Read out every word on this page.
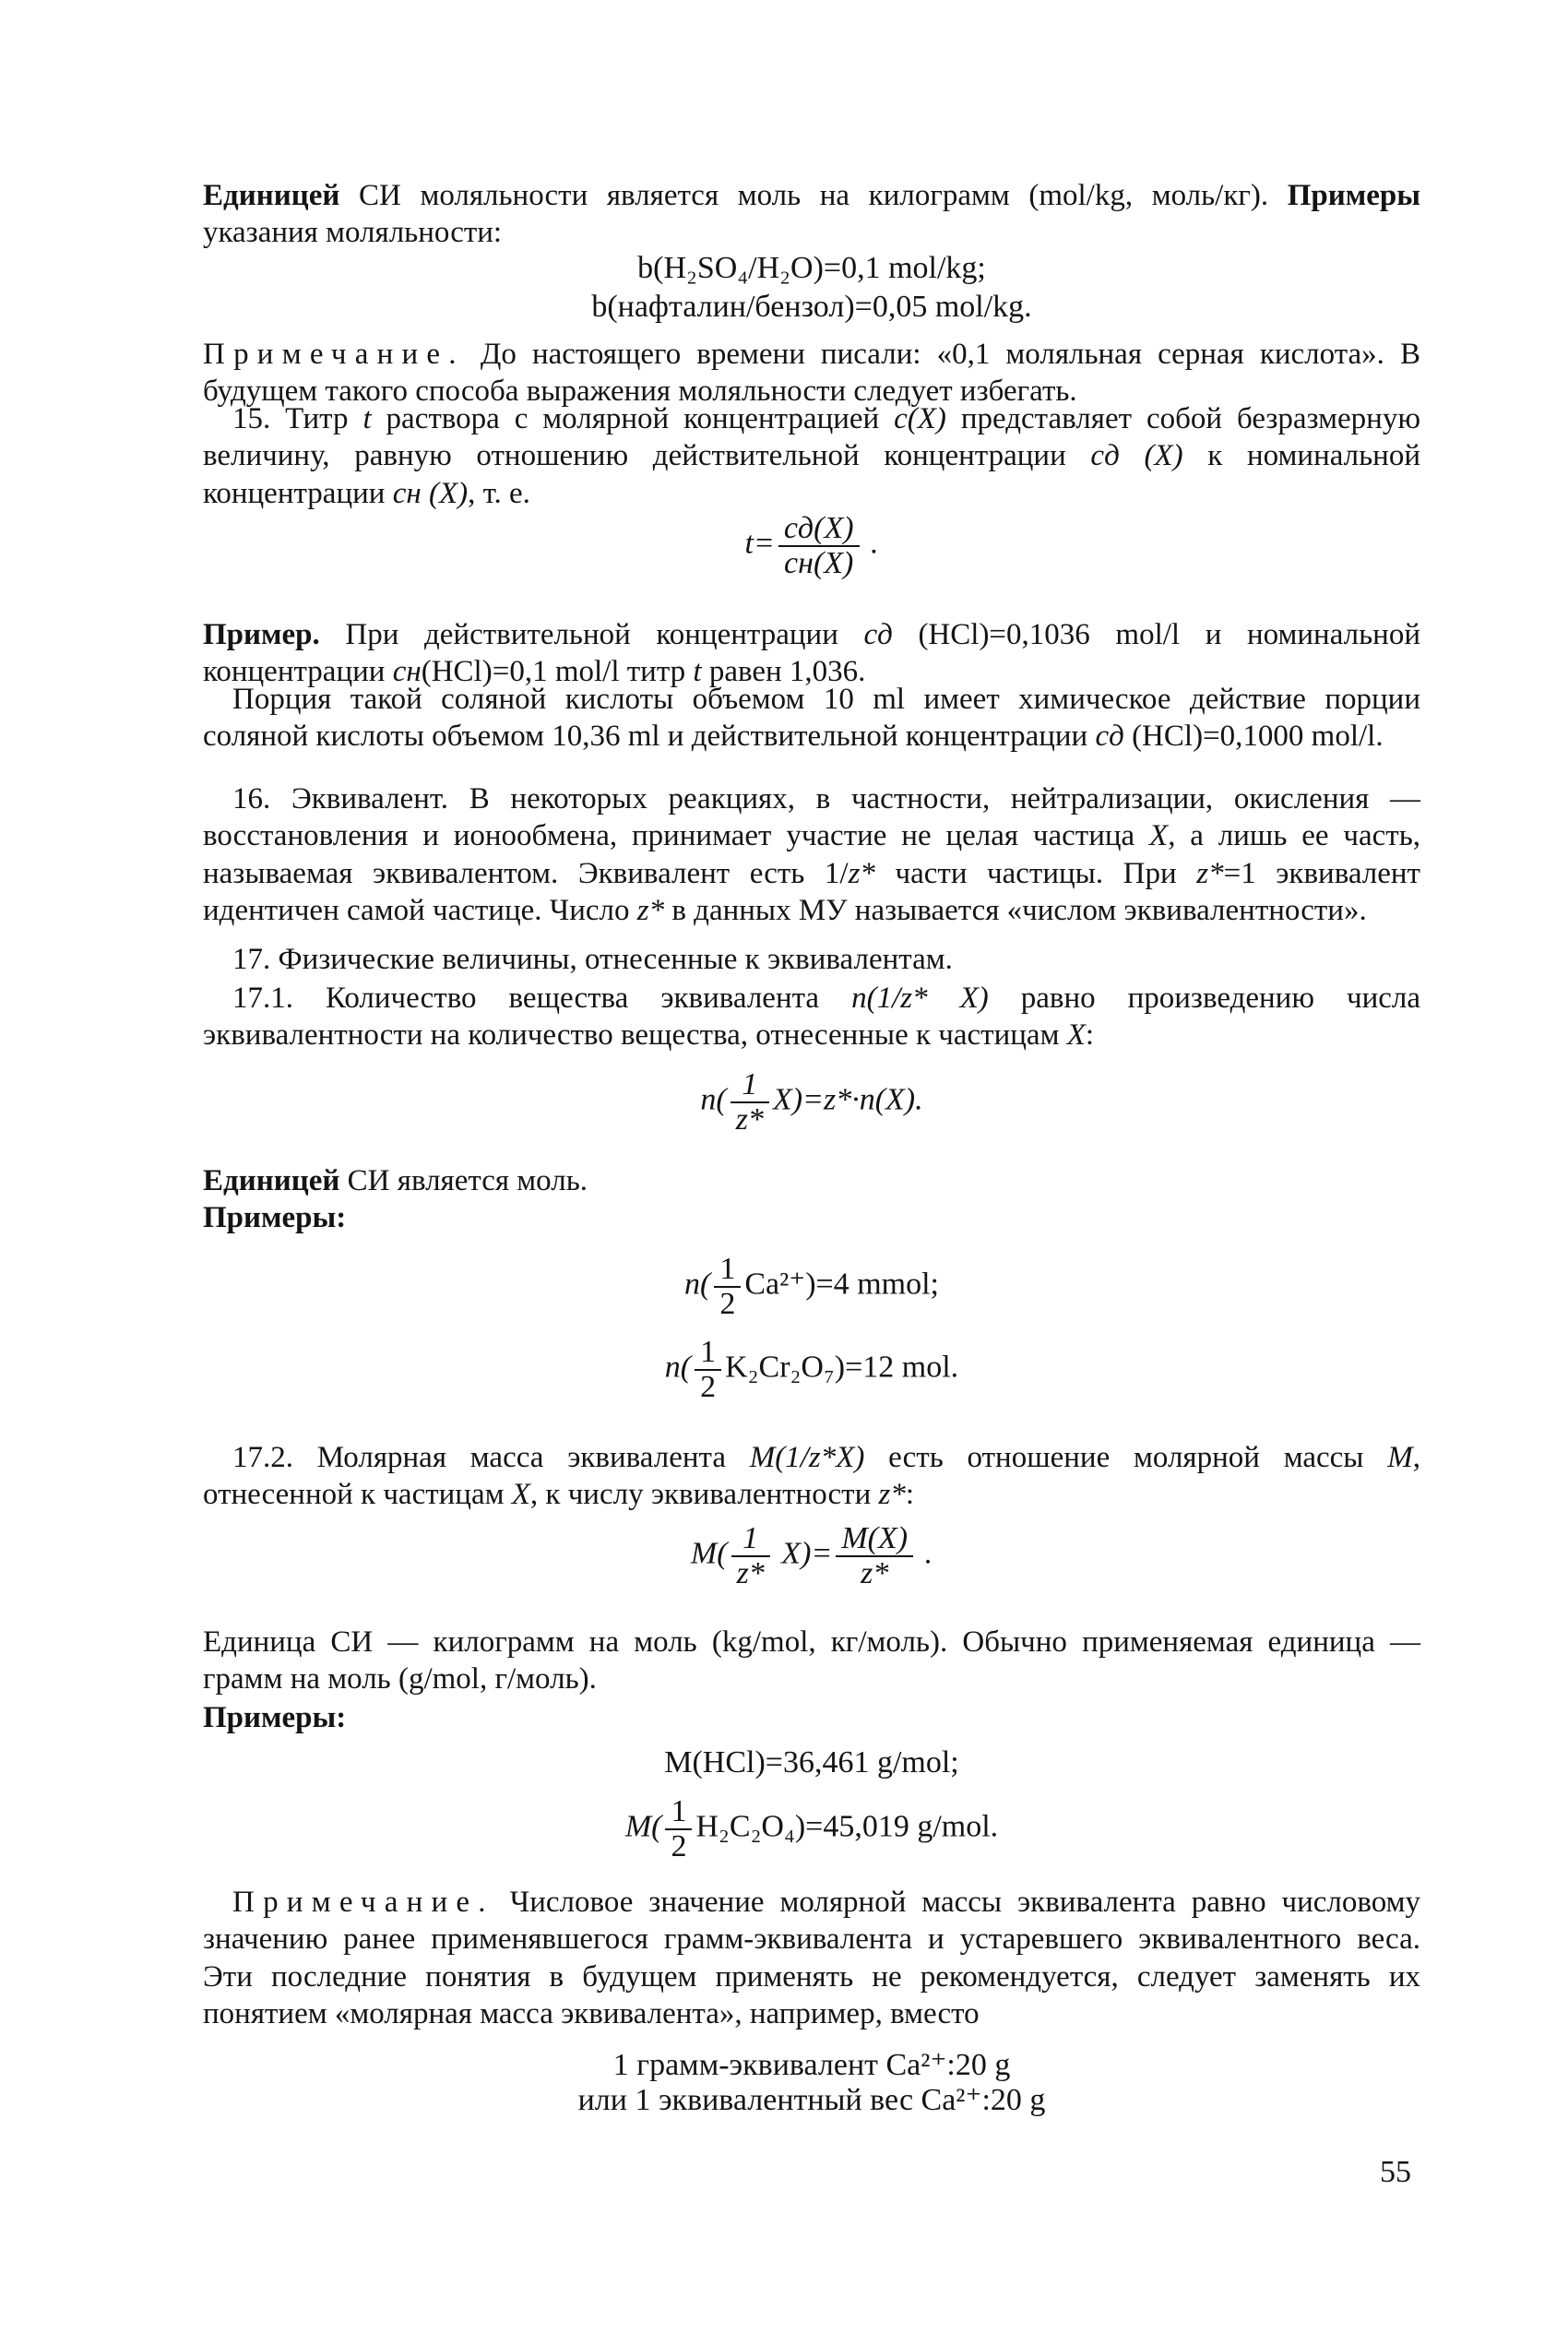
Единицей СИ моляльности является моль на килограмм (mol/kg, моль/кг). Примеры указания моляльности:

b(H₂SO₄/H₂O)=0,1 mol/kg;
b(нафталин/бензол)=0,05 mol/kg.

Примечание. До настоящего времени писали: «0,1 моляльная серная кислота». В будущем такого способа выражения моляльности следует избегать.

15. Титр t раствора с молярной концентрацией c(X) представляет собой безразмерную величину, равную отношению действительной концентрации cд (X) к номинальной концентрации cн (X), т. е.

$t= \frac{cд(X)}{cн(X)}$ .

Пример. При действительной концентрации cд (HCl)=0,1036 mol/l и номинальной концентрации cн(HCl)=0,1 mol/l титр t равен 1,036.

Порция такой соляной кислоты объемом 10 ml имеет химическое действие порции соляной кислоты объемом 10,36 ml и действительной концентрации cд (HCl)=0,1000 mol/l.

16. Эквивалент. В некоторых реакциях, в частности, нейтрализации, окисления — восстановления и ионообмена, принимает участие не целая частица X, а лишь ее часть, называемая эквивалентом. Эквивалент есть 1/z* части частицы. При z*=1 эквивалент идентичен самой частице. Число z* в данных МУ называется «числом эквивалентности».

17. Физические величины, отнесенные к эквивалентам.

17.1. Количество вещества эквивалента n(1/z* X) равно произведению числа эквивалентности на количество вещества, отнесенные к частицам X:

$n( \frac{1}{z*} X)=z*\cdot n(X)$.

Единицей СИ является моль.

Примеры:

$n( \frac{1}{2} Ca^{2+})=4$ mmol;
$n( \frac{1}{2} K_2Cr_2O_7)=12$ mol.

17.2. Молярная масса эквивалента M(1/z*X) есть отношение молярной массы M, отнесенной к частицам X, к числу эквивалентности z*:

$M( \frac{1}{z*} X)= \frac{M(X)}{z*}$ .

Единица СИ — килограмм на моль (kg/mol, кг/моль). Обычно применяемая единица — грамм на моль (g/mol, г/моль).

Примеры:

M(HCl)=36,461 g/mol;
$M( \frac{1}{2} H_2C_2O_4)=45,019$ g/mol.

Примечание. Числовое значение молярной массы эквивалента равно числовому значению ранее применявшегося грамм-эквивалента и устаревшего эквивалентного веса. Эти последние понятия в будущем применять не рекомендуется, следует заменять их понятием «молярная масса эквивалента», например, вместо

1 грамм-эквивалент Ca²⁺:20 g
или 1 эквивалентный вес Ca²⁺:20 g
55
